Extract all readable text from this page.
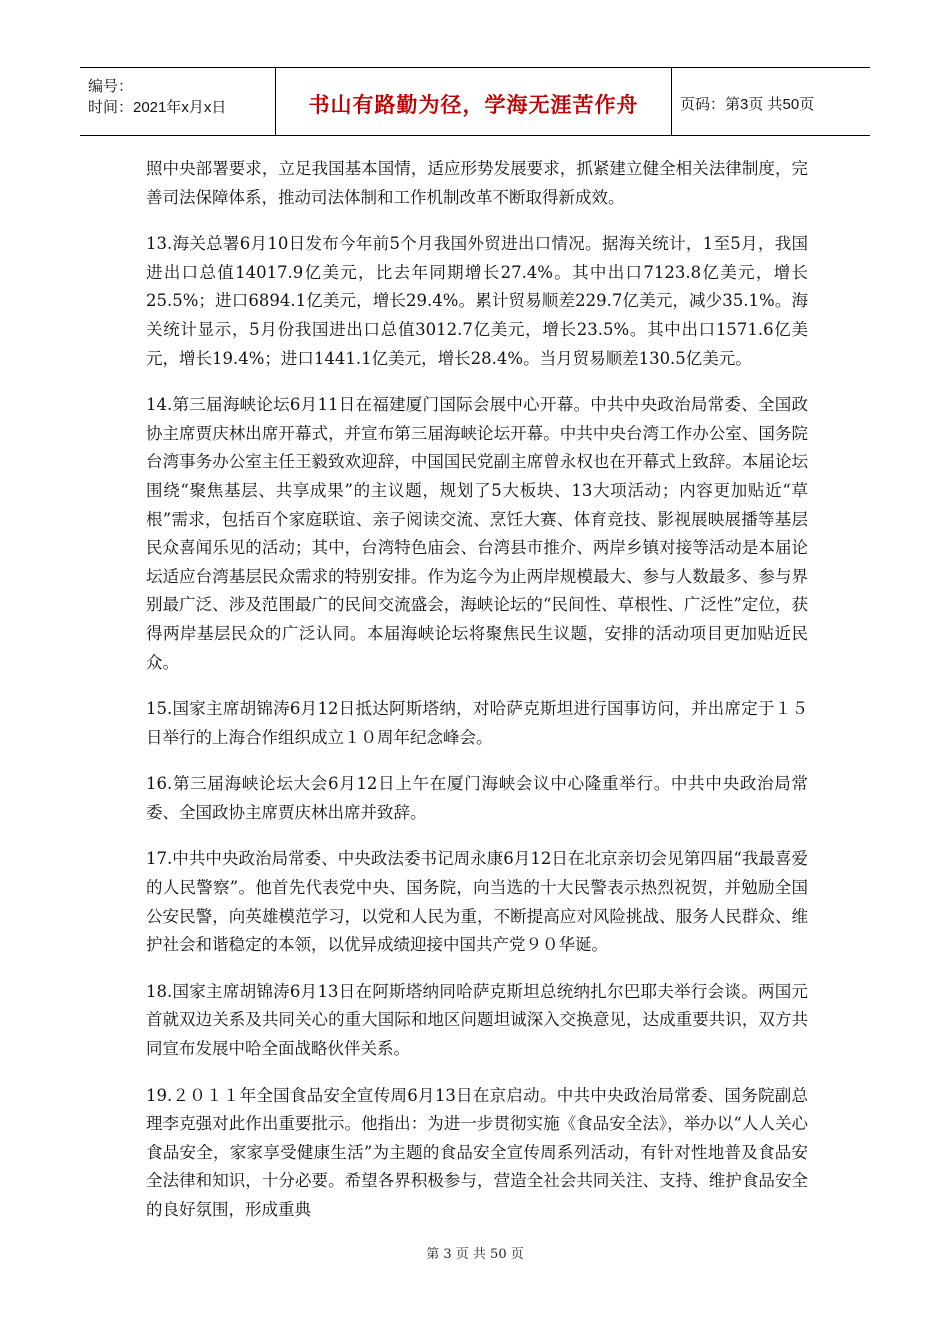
编号：
时间：2021年x月x日	书山有路勤为径，学海无涯苦作舟	页码：第3页 共50页

照中央部署要求，立足我国基本国情，适应形势发展要求，抓紧建立健全相关法律制度，完善司法保障体系，推动司法体制和工作机制改革不断取得新成效。

13.海关总署6月10日发布今年前5个月我国外贸进出口情况。据海关统计，1至5月，我国进出口总值14017.9亿美元，比去年同期增长27.4%。其中出口7123.8亿美元，增长25.5%；进口6894.1亿美元，增长29.4%。累计贸易顺差229.7亿美元，减少35.1%。海关统计显示，5月份我国进出口总值3012.7亿美元，增长23.5%。其中出口1571.6亿美元，增长19.4%；进口1441.1亿美元，增长28.4%。当月贸易顺差130.5亿美元。

14.第三届海峡论坛6月11日在福建厦门国际会展中心开幕。中共中央政治局常委、全国政协主席贾庆林出席开幕式，并宣布第三届海峡论坛开幕。中共中央台湾工作办公室、国务院台湾事务办公室主任王毅致欢迎辞，中国国民党副主席曾永权也在开幕式上致辞。本届论坛围绕“聚焦基层、共享成果”的主议题，规划了5大板块、13大项活动；内容更加贴近“草根”需求，包括百个家庭联谊、亲子阅读交流、烹饪大赛、体育竞技、影视展映展播等基层民众喜闻乐见的活动；其中，台湾特色庙会、台湾县市推介、两岸乡镇对接等活动是本届论坛适应台湾基层民众需求的特别安排。作为迄今为止两岸规模最大、参与人数最多、参与界别最广泛、涉及范围最广的民间交流盛会，海峡论坛的“民间性、草根性、广泛性”定位，获得两岸基层民众的广泛认同。本届海峡论坛将聚焦民生议题，安排的活动项目更加贴近民众。

15.国家主席胡锦涛6月12日抵达阿斯塔纳，对哈萨克斯坦进行国事访问，并出席定于１５日举行的上海合作组织成立１０周年纪念峰会。

16.第三届海峡论坛大会6月12日上午在厦门海峡会议中心隆重举行。中共中央政治局常委、全国政协主席贾庆林出席并致辞。

17.中共中央政治局常委、中央政法委书记周永康6月12日在北京亲切会见第四届“我最喜爱的人民警察”。他首先代表党中央、国务院，向当选的十大民警表示热烈祝贺，并勉励全国公安民警，向英雄模范学习，以党和人民为重，不断提高应对风险挑战、服务人民群众、维护社会和谐稳定的本领，以优异成绩迎接中国共产党９０华诞。

18.国家主席胡锦涛6月13日在阿斯塔纳同哈萨克斯坦总统纳扎尔巴耶夫举行会谈。两国元首就双边关系及共同关心的重大国际和地区问题坦诚深入交换意见，达成重要共识，双方共同宣布发展中哈全面战略伙伴关系。

19.２０１１年全国食品安全宣传周6月13日在京启动。中共中央政治局常委、国务院副总理李克强对此作出重要批示。他指出：为进一步贯彻实施《食品安全法》，举办以“人人关心食品安全，家家享受健康生活”为主题的食品安全宣传周系列活动，有针对性地普及食品安全法律和知识，十分必要。希望各界积极参与，营造全社会共同关注、支持、维护食品安全的良好氛围，形成重典

第 3 页 共 50 页
